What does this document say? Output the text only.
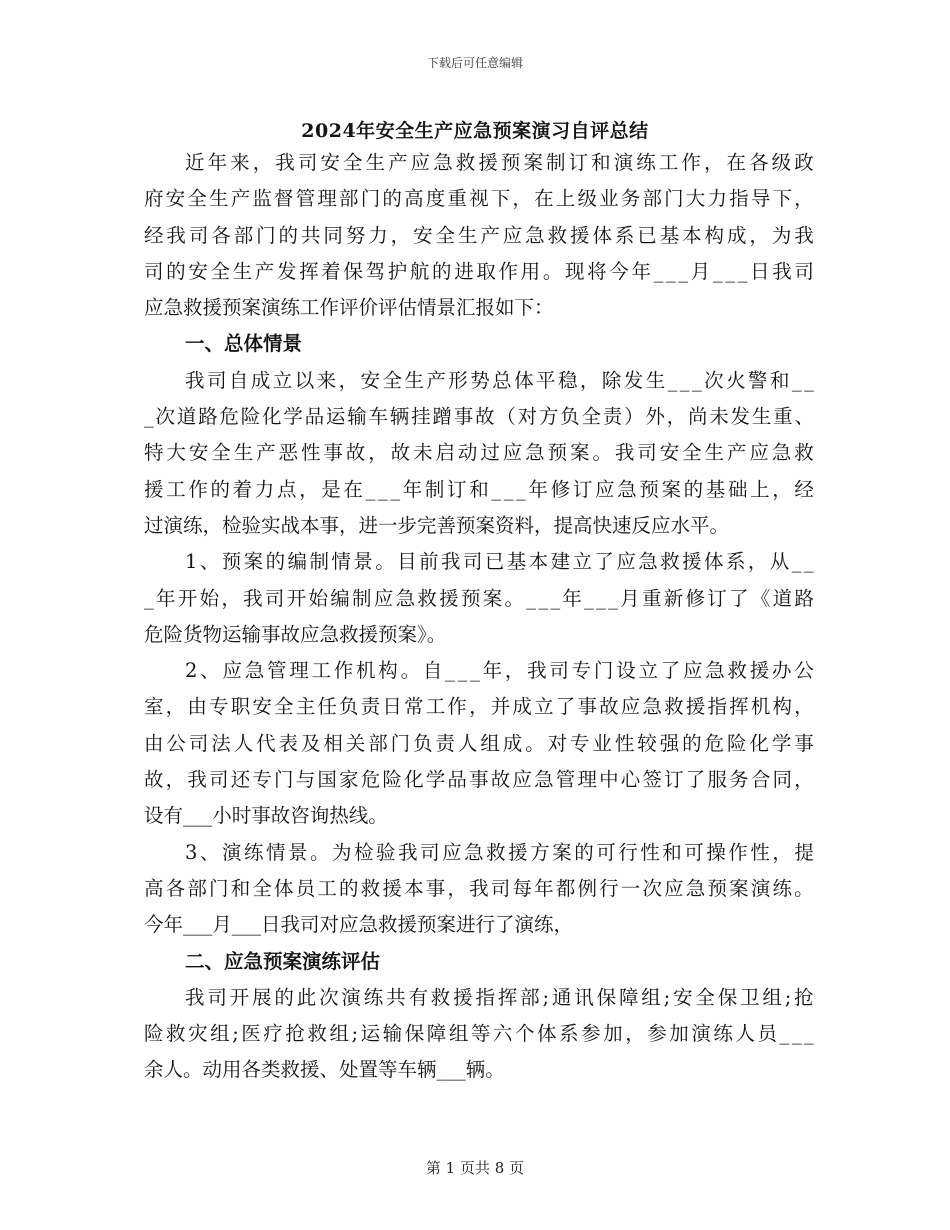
下载后可任意编辑
2024年安全生产应急预案演习自评总结
近 年 来 ， 我 司 安 全 生 产 应 急 救 援 预 案 制 订 和 演 练 工 作 ， 在 各 级 政
府 安 全 生 产 监 督 管 理 部 门 的 高 度 重 视 下 ， 在 上 级 业 务 部 门 大 力 指 导 下 ，
经 我 司 各 部 门 的 共 同 努 力 ， 安 全 生 产 应 急 救 援 体 系 已 基 本 构 成 ， 为 我
司 的 安 全 生 产 发 挥 着 保 驾 护 航 的 进 取 作 用 。 现 将 今 年 _ _ _ 月 _ _ _ 日 我 司
应急救援预案演练工作评价评估情景汇报如下：
一、总体情景
我 司 自 成 立 以 来 ， 安 全 生 产 形 势 总 体 平 稳 ， 除 发 生 _ _ _ 次 火 警 和 _ _
_ 次 道 路 危 险 化 学 品 运 输 车 辆 挂 蹭 事 故 （ 对 方 负 全 责 ） 外 ， 尚 未 发 生 重 、
特 大 安 全 生 产 恶 性 事 故 ， 故 未 启 动 过 应 急 预 案 。 我 司 安 全 生 产 应 急 救
援 工 作 的 着 力 点 ， 是 在 _ _ _ 年 制 订 和 _ _ _ 年 修 订 应 急 预 案 的 基 础 上 ， 经
过演练，检验实战本事，进一步完善预案资料，提高快速反应水平。
1 、 预 案 的 编 制 情 景 。 目 前 我 司 已 基 本 建 立 了 应 急 救 援 体 系 ， 从 _ _
_ 年 开 始 ， 我 司 开 始 编 制 应 急 救 援 预 案 。 _ _ _ 年 _ _ _ 月 重 新 修 订 了 《 道 路
危险货物运输事故应急救援预案》。
2 、 应 急 管 理 工 作 机 构 。 自 _ _ _ 年 ， 我 司 专 门 设 立 了 应 急 救 援 办 公
室 ， 由 专 职 安 全 主 任 负 责 日 常 工 作 ， 并 成 立 了 事 故 应 急 救 援 指 挥 机 构 ，
由 公 司 法 人 代 表 及 相 关 部 门 负 责 人 组 成 。 对 专 业 性 较 强 的 危 险 化 学 事
故 ， 我 司 还 专 门 与 国 家 危 险 化 学 品 事 故 应 急 管 理 中 心 签 订 了 服 务 合 同 ，
设有___小时事故咨询热线。
3 、 演 练 情 景 。 为 检 验 我 司 应 急 救 援 方 案 的 可 行 性 和 可 操 作 性 ， 提
高 各 部 门 和 全 体 员 工 的 救 援 本 事 ， 我 司 每 年 都 例 行 一 次 应 急 预 案 演 练 。
今年___月___日我司对应急救援预案进行了演练，
二、应急预案演练评估
我 司 开 展 的 此 次 演 练 共 有 救 援 指 挥 部 ; 通 讯 保 障 组 ; 安 全 保 卫 组 ; 抢
险 救 灾 组 ; 医 疗 抢 救 组 ; 运 输 保 障 组 等 六 个 体 系 参 加 ， 参 加 演 练 人 员 _ _ _
余人。动用各类救援、处置等车辆___辆。
第 1 页共 8 页
